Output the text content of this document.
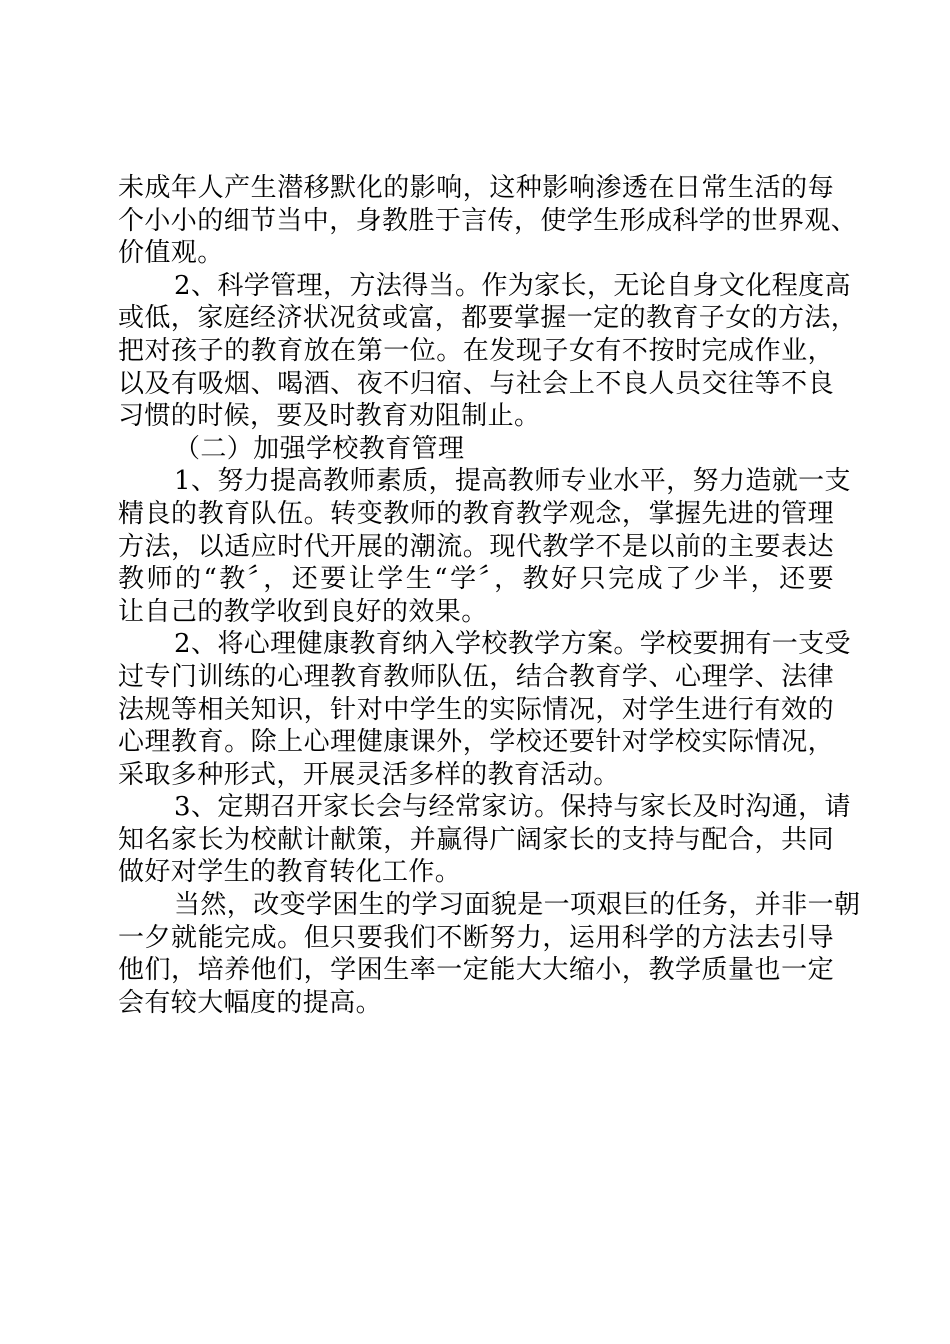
未成年人产生潜移默化的影响，这种影响渗透在日常生活的每
个小小的细节当中，身教胜于言传，使学生形成科学的世界观、
价值观。
2、科学管理，方法得当。作为家长，无论自身文化程度高
或低，家庭经济状况贫或富，都要掌握一定的教育子女的方法，
把对孩子的教育放在第一位。在发现子女有不按时完成作业，
以及有吸烟、喝酒、夜不归宿、与社会上不良人员交往等不良
习惯的时候，要及时教育劝阻制止。
（二）加强学校教育管理
1、努力提高教师素质，提高教师专业水平，努力造就一支
精良的教育队伍。转变教师的教育教学观念，掌握先进的管理
方法，以适应时代开展的潮流。现代教学不是以前的主要表达
教师的“教〞，还要让学生“学〞，教好只完成了少半，还要
让自己的教学收到良好的效果。
2、将心理健康教育纳入学校教学方案。学校要拥有一支受
过专门训练的心理教育教师队伍，结合教育学、心理学、法律
法规等相关知识，针对中学生的实际情况，对学生进行有效的
心理教育。除上心理健康课外，学校还要针对学校实际情况，
采取多种形式，开展灵活多样的教育活动。
3、定期召开家长会与经常家访。保持与家长及时沟通，请
知名家长为校献计献策，并赢得广阔家长的支持与配合，共同
做好对学生的教育转化工作。
当然，改变学困生的学习面貌是一项艰巨的任务，并非一朝
一夕就能完成。但只要我们不断努力，运用科学的方法去引导
他们，培养他们，学困生率一定能大大缩小，教学质量也一定
会有较大幅度的提高。
